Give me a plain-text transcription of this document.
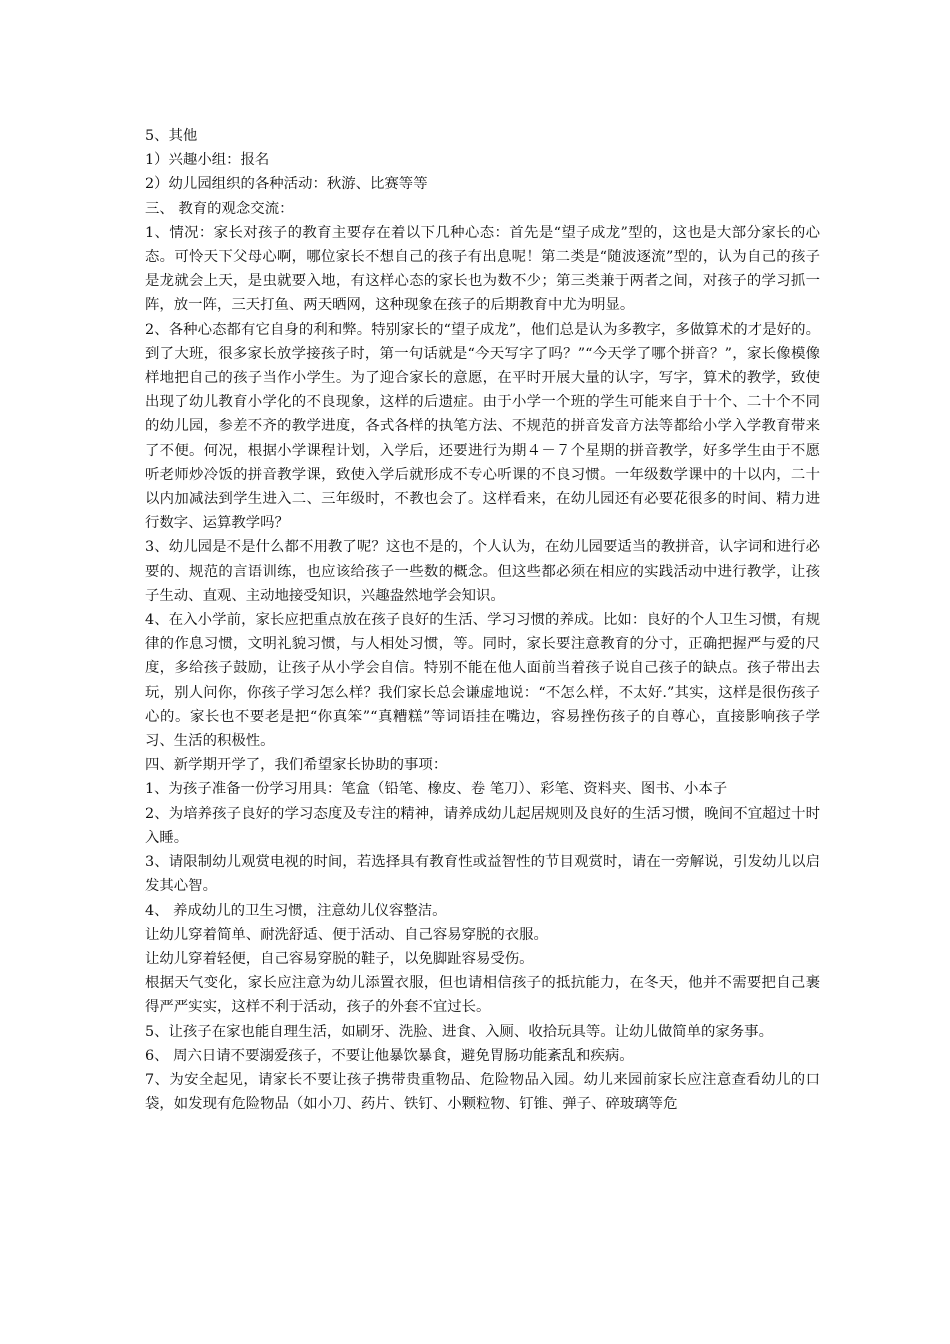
5、其他

1）兴趣小组：报名

2）幼儿园组织的各种活动：秋游、比赛等等

三、 教育的观念交流：

1、情况：家长对孩子的教育主要存在着以下几种心态：首先是“望子成龙”型的，这也是大部分家长的心态。可怜天下父母心啊，哪位家长不想自己的孩子有出息呢！第二类是“随波逐流”型的，认为自己的孩子是龙就会上天，是虫就要入地，有这样心态的家长也为数不少；第三类兼于两者之间，对孩子的学习抓一阵，放一阵，三天打鱼、两天晒网，这种现象在孩子的后期教育中尤为明显。

2、各种心态都有它自身的利和弊。特别家长的“望子成龙”，他们总是认为多教字，多做算术的才是好的。到了大班，很多家长放学接孩子时，第一句话就是“今天写字了吗？”“今天学了哪个拼音？”，家长像模像样地把自己的孩子当作小学生。为了迎合家长的意愿，在平时开展大量的认字，写字，算术的教学，致使出现了幼儿教育小学化的不良现象，这样的后遗症。由于小学一个班的学生可能来自于十个、二十个不同的幼儿园，参差不齐的教学进度，各式各样的执笔方法、不规范的拼音发音方法等都给小学入学教育带来了不便。何况，根据小学课程计划，入学后，还要进行为期４－７个星期的拼音教学，好多学生由于不愿听老师炒冷饭的拼音教学课，致使入学后就形成不专心听课的不良习惯。一年级数学课中的十以内，二十以内加减法到学生进入二、三年级时，不教也会了。这样看来，在幼儿园还有必要花很多的时间、精力进行数字、运算教学吗？

3、幼儿园是不是什么都不用教了呢？这也不是的，个人认为，在幼儿园要适当的教拼音，认字词和进行必要的、规范的言语训练，也应该给孩子一些数的概念。但这些都必须在相应的实践活动中进行教学，让孩子生动、直观、主动地接受知识，兴趣盎然地学会知识。

4、在入小学前，家长应把重点放在孩子良好的生活、学习习惯的养成。比如：良好的个人卫生习惯，有规律的作息习惯，文明礼貌习惯，与人相处习惯，等。同时，家长要注意教育的分寸，正确把握严与爱的尺度，多给孩子鼓励，让孩子从小学会自信。特别不能在他人面前当着孩子说自己孩子的缺点。孩子带出去玩，别人问你，你孩子学习怎么样？我们家长总会谦虚地说：“不怎么样，不太好.”其实，这样是很伤孩子心的。家长也不要老是把“你真笨”“真糟糕”等词语挂在嘴边，容易挫伤孩子的自尊心，直接影响孩子学习、生活的积极性。

四、新学期开学了，我们希望家长协助的事项：

1、为孩子准备一份学习用具：笔盒（铅笔、橡皮、卷 笔刀）、彩笔、资料夹、图书、小本子

2、为培养孩子良好的学习态度及专注的精神，请养成幼儿起居规则及良好的生活习惯，晚间不宜超过十时入睡。

3、请限制幼儿观赏电视的时间，若选择具有教育性或益智性的节目观赏时，请在一旁解说，引发幼儿以启发其心智。

4、 养成幼儿的卫生习惯，注意幼儿仪容整洁。

让幼儿穿着简单、耐洗舒适、便于活动、自己容易穿脱的衣服。

让幼儿穿着轻便，自己容易穿脱的鞋子，以免脚趾容易受伤。

根据天气变化，家长应注意为幼儿添置衣服，但也请相信孩子的抵抗能力，在冬天，他并不需要把自己裹得严严实实，这样不利于活动，孩子的外套不宜过长。

5、让孩子在家也能自理生活，如刷牙、洗脸、进食、入厕、收拾玩具等。让幼儿做简单的家务事。

6、 周六日请不要溺爱孩子，不要让他暴饮暴食，避免胃肠功能紊乱和疾病。

7、为安全起见，请家长不要让孩子携带贵重物品、危险物品入园。幼儿来园前家长应注意查看幼儿的口袋，如发现有危险物品（如小刀、药片、铁钉、小颗粒物、钉锥、弹子、碎玻璃等危
